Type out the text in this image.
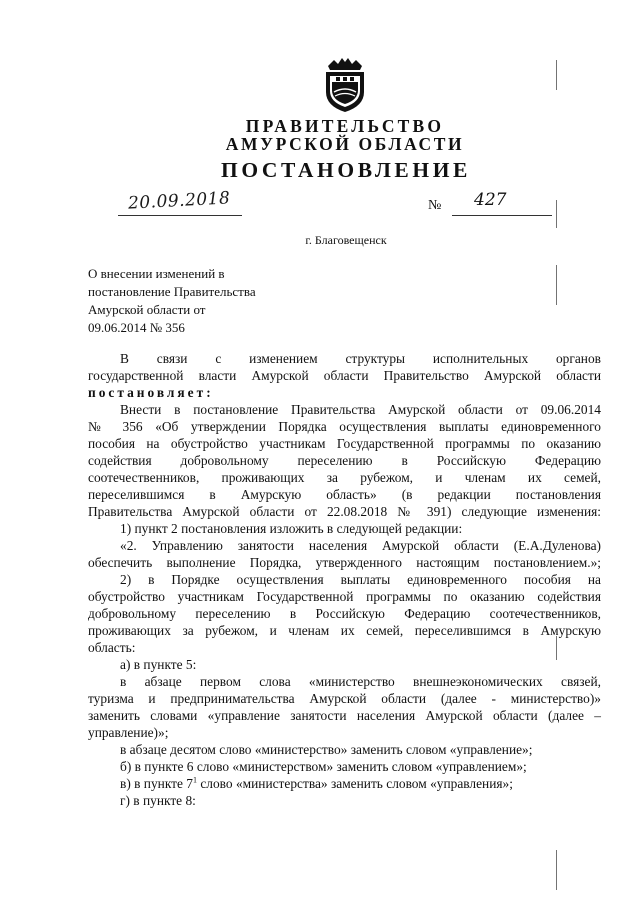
ПРАВИТЕЛЬСТВО
АМУРСКОЙ ОБЛАСТИ
ПОСТАНОВЛЕНИЕ
20.09.2018	№ 427
г. Благовещенск
О внесении изменений в
постановление Правительства
Амурской области от
09.06.2014 № 356

В связи с изменением структуры исполнительных органов

государственной власти Амурской области Правительство Амурской области

постановляет:

Внести в постановление Правительства Амурской области от 09.06.2014

№ 356 «Об утверждении Порядка осуществления выплаты единовременного

пособия на обустройство участникам Государственной программы по оказанию

содействия добровольному переселению в Российскую Федерацию

соотечественников, проживающих за рубежом, и членам их семей,

переселившимся в Амурскую область» (в редакции постановления

Правительства Амурской области от 22.08.2018 № 391) следующие изменения:

1) пункт 2 постановления изложить в следующей редакции:

«2. Управлению занятости населения Амурской области (Е.А.Дуленова)

обеспечить выполнение Порядка, утвержденного настоящим постановлением.»;

2) в Порядке осуществления выплаты единовременного пособия на

обустройство участникам Государственной программы по оказанию содействия

добровольному переселению в Российскую Федерацию соотечественников,

проживающих за рубежом, и членам их семей, переселившимся в Амурскую

область:

а) в пункте 5:

в абзаце первом слова «министерство внешнеэкономических связей,

туризма и предпринимательства Амурской области (далее - министерство)»

заменить словами «управление занятости населения Амурской области (далее –

управление)»;

в абзаце десятом слово «министерство» заменить словом «управление»;

б) в пункте 6 слово «министерством» заменить словом «управлением»;

в) в пункте $7^1$ слово «министерства» заменить словом «управления»;

г) в пункте 8:
